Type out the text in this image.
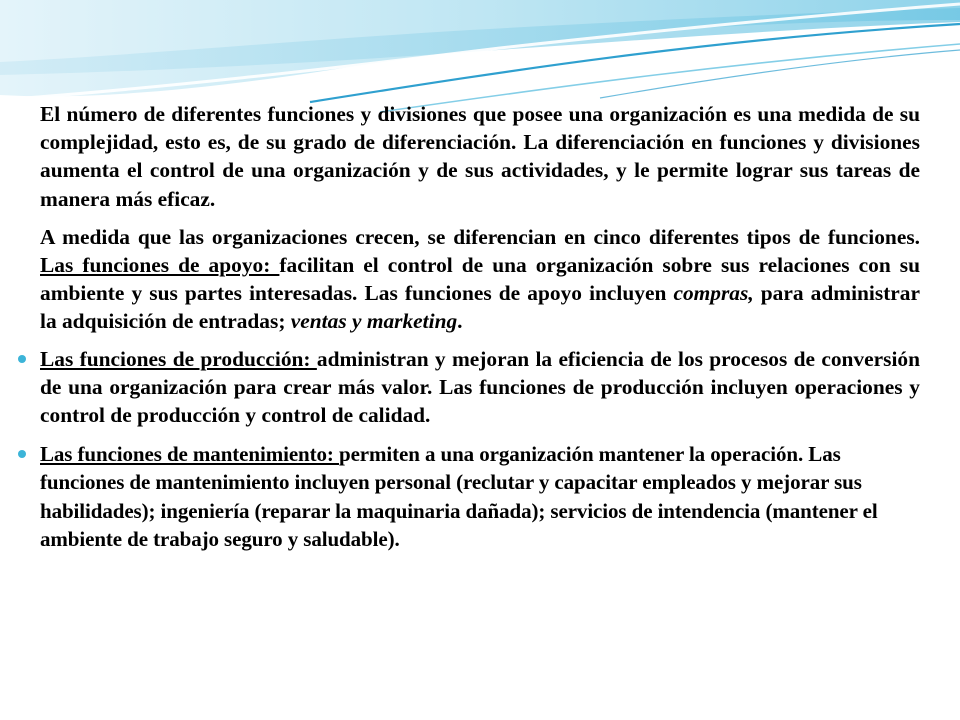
El número de diferentes funciones y divisiones que posee una organización es una medida de su complejidad, esto es, de su grado de diferenciación. La diferenciación en funciones y divisiones aumenta el control de una organización y de sus actividades, y le permite lograr sus tareas de manera más eficaz.

A medida que las organizaciones crecen, se diferencian en cinco diferentes tipos de funciones. Las funciones de apoyo: facilitan el control de una organización sobre sus relaciones con su ambiente y sus partes interesadas. Las funciones de apoyo incluyen compras, para administrar la adquisición de entradas; ventas y marketing.

Las funciones de producción: administran y mejoran la eficiencia de los procesos de conversión de una organización para crear más valor. Las funciones de producción incluyen operaciones y control de producción y control de calidad.

Las funciones de mantenimiento: permiten a una organización mantener la operación. Las funciones de mantenimiento incluyen personal (reclutar y capacitar empleados y mejorar sus habilidades); ingeniería (reparar la maquinaria dañada); servicios de intendencia (mantener el ambiente de trabajo seguro y saludable).
